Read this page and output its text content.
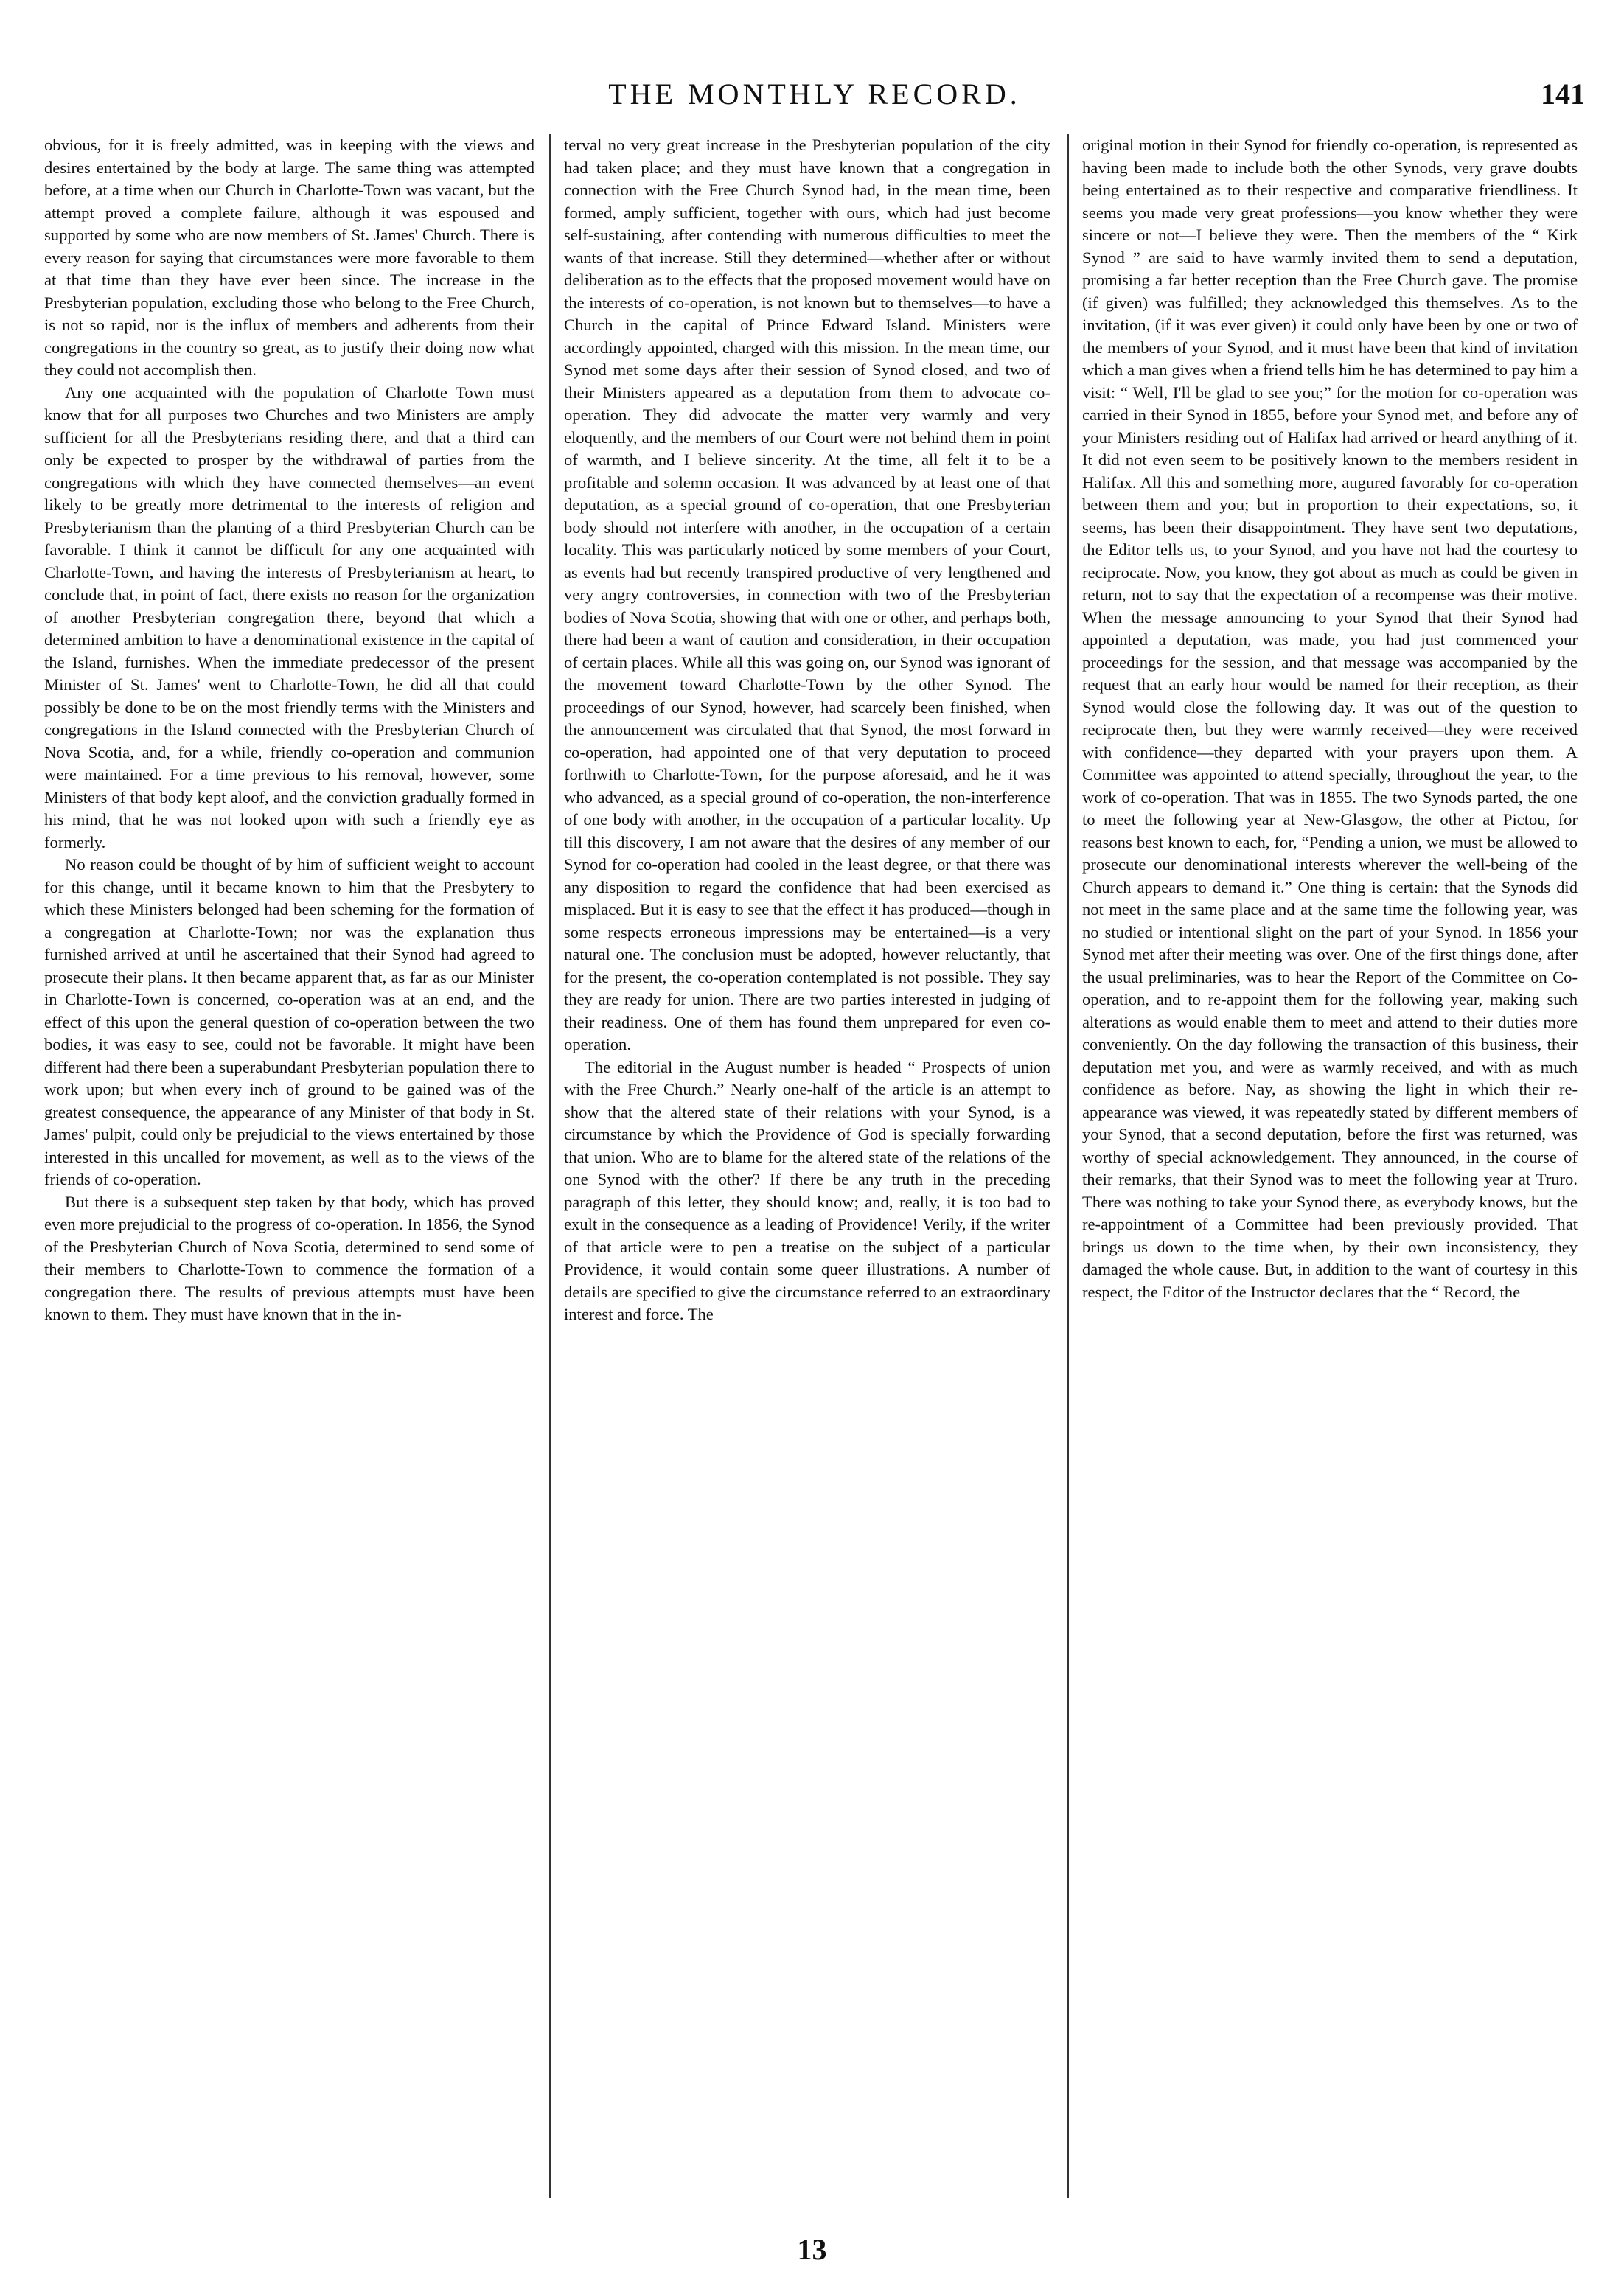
THE MONTHLY RECORD.	141

obvious, for it is freely admitted, was in keeping with the views and desires entertained by the body at large. The same thing was attempted before, at a time when our Church in Charlotte-Town was vacant, but the attempt proved a complete failure, although it was espoused and supported by some who are now members of St. James' Church. There is every reason for saying that circumstances were more favorable to them at that time than they have ever been since. The increase in the Presbyterian population, excluding those who belong to the Free Church, is not so rapid, nor is the influx of members and adherents from their congregations in the country so great, as to justify their doing now what they could not accomplish then.

Any one acquainted with the population of Charlotte Town must know that for all purposes two Churches and two Ministers are amply sufficient for all the Presbyterians residing there, and that a third can only be expected to prosper by the withdrawal of parties from the congregations with which they have connected themselves—an event likely to be greatly more detrimental to the interests of religion and Presbyterianism than the planting of a third Presbyterian Church can be favorable. I think it cannot be difficult for any one acquainted with Charlotte-Town, and having the interests of Presbyterianism at heart, to conclude that, in point of fact, there exists no reason for the organization of another Presbyterian congregation there, beyond that which a determined ambition to have a denominational existence in the capital of the Island, furnishes. When the immediate predecessor of the present Minister of St. James' went to Charlotte-Town, he did all that could possibly be done to be on the most friendly terms with the Ministers and congregations in the Island connected with the Presbyterian Church of Nova Scotia, and, for a while, friendly co-operation and communion were maintained. For a time previous to his removal, however, some Ministers of that body kept aloof, and the conviction gradually formed in his mind, that he was not looked upon with such a friendly eye as formerly.

No reason could be thought of by him of sufficient weight to account for this change, until it became known to him that the Presbytery to which these Ministers belonged had been scheming for the formation of a congregation at Charlotte-Town; nor was the explanation thus furnished arrived at until he ascertained that their Synod had agreed to prosecute their plans. It then became apparent that, as far as our Minister in Charlotte-Town is concerned, co-operation was at an end, and the effect of this upon the general question of co-operation between the two bodies, it was easy to see, could not be favorable. It might have been different had there been a superabundant Presbyterian population there to work upon; but when every inch of ground to be gained was of the greatest consequence, the appearance of any Minister of that body in St. James' pulpit, could only be prejudicial to the views entertained by those interested in this uncalled for movement, as well as to the views of the friends of co-operation.

But there is a subsequent step taken by that body, which has proved even more prejudicial to the progress of co-operation. In 1856, the Synod of the Presbyterian Church of Nova Scotia, determined to send some of their members to Charlotte-Town to commence the formation of a congregation there. The results of previous attempts must have been known to them. They must have known that in the in-

terval no very great increase in the Presbyterian population of the city had taken place; and they must have known that a congregation in connection with the Free Church Synod had, in the mean time, been formed, amply sufficient, together with ours, which had just become self-sustaining, after contending with numerous difficulties to meet the wants of that increase. Still they determined—whether after or without deliberation as to the effects that the proposed movement would have on the interests of co-operation, is not known but to themselves—to have a Church in the capital of Prince Edward Island. Ministers were accordingly appointed, charged with this mission. In the mean time, our Synod met some days after their session of Synod closed, and two of their Ministers appeared as a deputation from them to advocate co-operation. They did advocate the matter very warmly and very eloquently, and the members of our Court were not behind them in point of warmth, and I believe sincerity. At the time, all felt it to be a profitable and solemn occasion. It was advanced by at least one of that deputation, as a special ground of co-operation, that one Presbyterian body should not interfere with another, in the occupation of a certain locality. This was particularly noticed by some members of your Court, as events had but recently transpired productive of very lengthened and very angry controversies, in connection with two of the Presbyterian bodies of Nova Scotia, showing that with one or other, and perhaps both, there had been a want of caution and consideration, in their occupation of certain places. While all this was going on, our Synod was ignorant of the movement toward Charlotte-Town by the other Synod. The proceedings of our Synod, however, had scarcely been finished, when the announcement was circulated that that Synod, the most forward in co-operation, had appointed one of that very deputation to proceed forthwith to Charlotte-Town, for the purpose aforesaid, and he it was who advanced, as a special ground of co-operation, the non-interference of one body with another, in the occupation of a particular locality. Up till this discovery, I am not aware that the desires of any member of our Synod for co-operation had cooled in the least degree, or that there was any disposition to regard the confidence that had been exercised as misplaced. But it is easy to see that the effect it has produced—though in some respects erroneous impressions may be entertained—is a very natural one. The conclusion must be adopted, however reluctantly, that for the present, the co-operation contemplated is not possible. They say they are ready for union. There are two parties interested in judging of their readiness. One of them has found them unprepared for even co-operation.

The editorial in the August number is headed “ Prospects of union with the Free Church.” Nearly one-half of the article is an attempt to show that the altered state of their relations with your Synod, is a circumstance by which the Providence of God is specially forwarding that union. Who are to blame for the altered state of the relations of the one Synod with the other? If there be any truth in the preceding paragraph of this letter, they should know; and, really, it is too bad to exult in the consequence as a leading of Providence! Verily, if the writer of that article were to pen a treatise on the subject of a particular Providence, it would contain some queer illustrations. A number of details are specified to give the circumstance referred to an extraordinary interest and force. The

original motion in their Synod for friendly co-operation, is represented as having been made to include both the other Synods, very grave doubts being entertained as to their respective and comparative friendliness. It seems you made very great professions—you know whether they were sincere or not—I believe they were. Then the members of the “ Kirk Synod ” are said to have warmly invited them to send a deputation, promising a far better reception than the Free Church gave. The promise (if given) was fulfilled; they acknowledged this themselves. As to the invitation, (if it was ever given) it could only have been by one or two of the members of your Synod, and it must have been that kind of invitation which a man gives when a friend tells him he has determined to pay him a visit: “ Well, I'll be glad to see you;” for the motion for co-operation was carried in their Synod in 1855, before your Synod met, and before any of your Ministers residing out of Halifax had arrived or heard anything of it. It did not even seem to be positively known to the members resident in Halifax. All this and something more, augured favorably for co-operation between them and you; but in proportion to their expectations, so, it seems, has been their disappointment. They have sent two deputations, the Editor tells us, to your Synod, and you have not had the courtesy to reciprocate. Now, you know, they got about as much as could be given in return, not to say that the expectation of a recompense was their motive. When the message announcing to your Synod that their Synod had appointed a deputation, was made, you had just commenced your proceedings for the session, and that message was accompanied by the request that an early hour would be named for their reception, as their Synod would close the following day. It was out of the question to reciprocate then, but they were warmly received—they were received with confidence—they departed with your prayers upon them. A Committee was appointed to attend specially, throughout the year, to the work of co-operation. That was in 1855. The two Synods parted, the one to meet the following year at New-Glasgow, the other at Pictou, for reasons best known to each, for, “Pending a union, we must be allowed to prosecute our denominational interests wherever the well-being of the Church appears to demand it.” One thing is certain: that the Synods did not meet in the same place and at the same time the following year, was no studied or intentional slight on the part of your Synod. In 1856 your Synod met after their meeting was over. One of the first things done, after the usual preliminaries, was to hear the Report of the Committee on Co-operation, and to re-appoint them for the following year, making such alterations as would enable them to meet and attend to their duties more conveniently. On the day following the transaction of this business, their deputation met you, and were as warmly received, and with as much confidence as before. Nay, as showing the light in which their re-appearance was viewed, it was repeatedly stated by different members of your Synod, that a second deputation, before the first was returned, was worthy of special acknowledgement. They announced, in the course of their remarks, that their Synod was to meet the following year at Truro. There was nothing to take your Synod there, as everybody knows, but the re-appointment of a Committee had been previously provided. That brings us down to the time when, by their own inconsistency, they damaged the whole cause. But, in addition to the want of courtesy in this respect, the Editor of the Instructor declares that the “ Record, the

13
